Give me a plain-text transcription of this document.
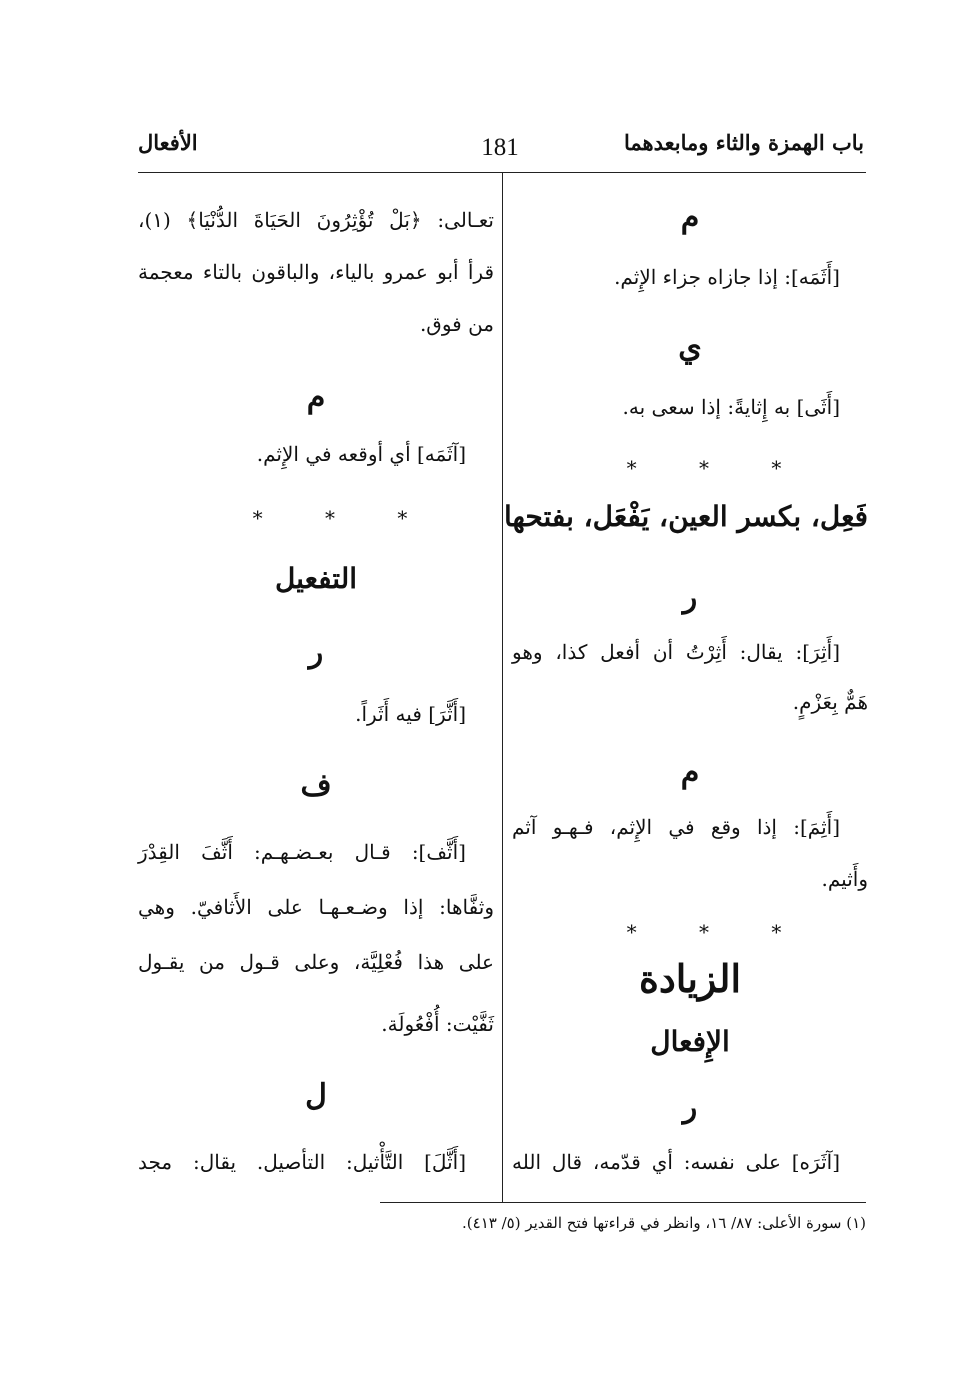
باب الهمزة والثاء ومابعدهما
181
الأفعال
م
[أَثَمَه]: إذا جازاه جزاء الإِثم.
ي
[أَثَى] به إِثايةً: إذا سعى به.
* * *
فَعِل، بكسر العين، يَفْعَل، بفتحها
ر
[أَثِرَ]: يقال: أَثِرْتُ أن أفعل كذا، وهو
هَمٌّ بِعَزْمٍ.
م
[أَثِمَ]: إذا وقع في الإِثم، فـهـو آثم
وأَثيم.
* * *
الزيادة
الإِفعال
ر
[آثَرَه] على نفسه: أي قدّمه، قال الله
تعـالى: ﴿بَلْ تُؤْثِرُونَ الحَيَاةَ الدُّنْيَا﴾ (١)،
قرأ أبو عمرو بالياء، والباقون بالتاء معجمة
من فوق.
م
[آثَمَه] أي أوقعه في الإِثم.
* * *
التفعيل
ر
[أَثَّرَ] فيه أَثَراً.
ف
[أَثَّف]: قـال بعـضـهـم: أَثَّفَ القِدْرَ
وثفَّاها: إذا وضـعـهـا على الأَثافيّ. وهي
على هذا فُعْلِيَّة، وعلى قـول من يقـول
ثَفَّيْت: أُفْعُولَة.
ل
[أَثَّلَ] التَّأْثيل: التأصيل. يقال: مجد
(١) سورة الأعلى: ٨٧/ ١٦، وانظر في قراءتها فتح القدير (٥/ ٤١٣).
